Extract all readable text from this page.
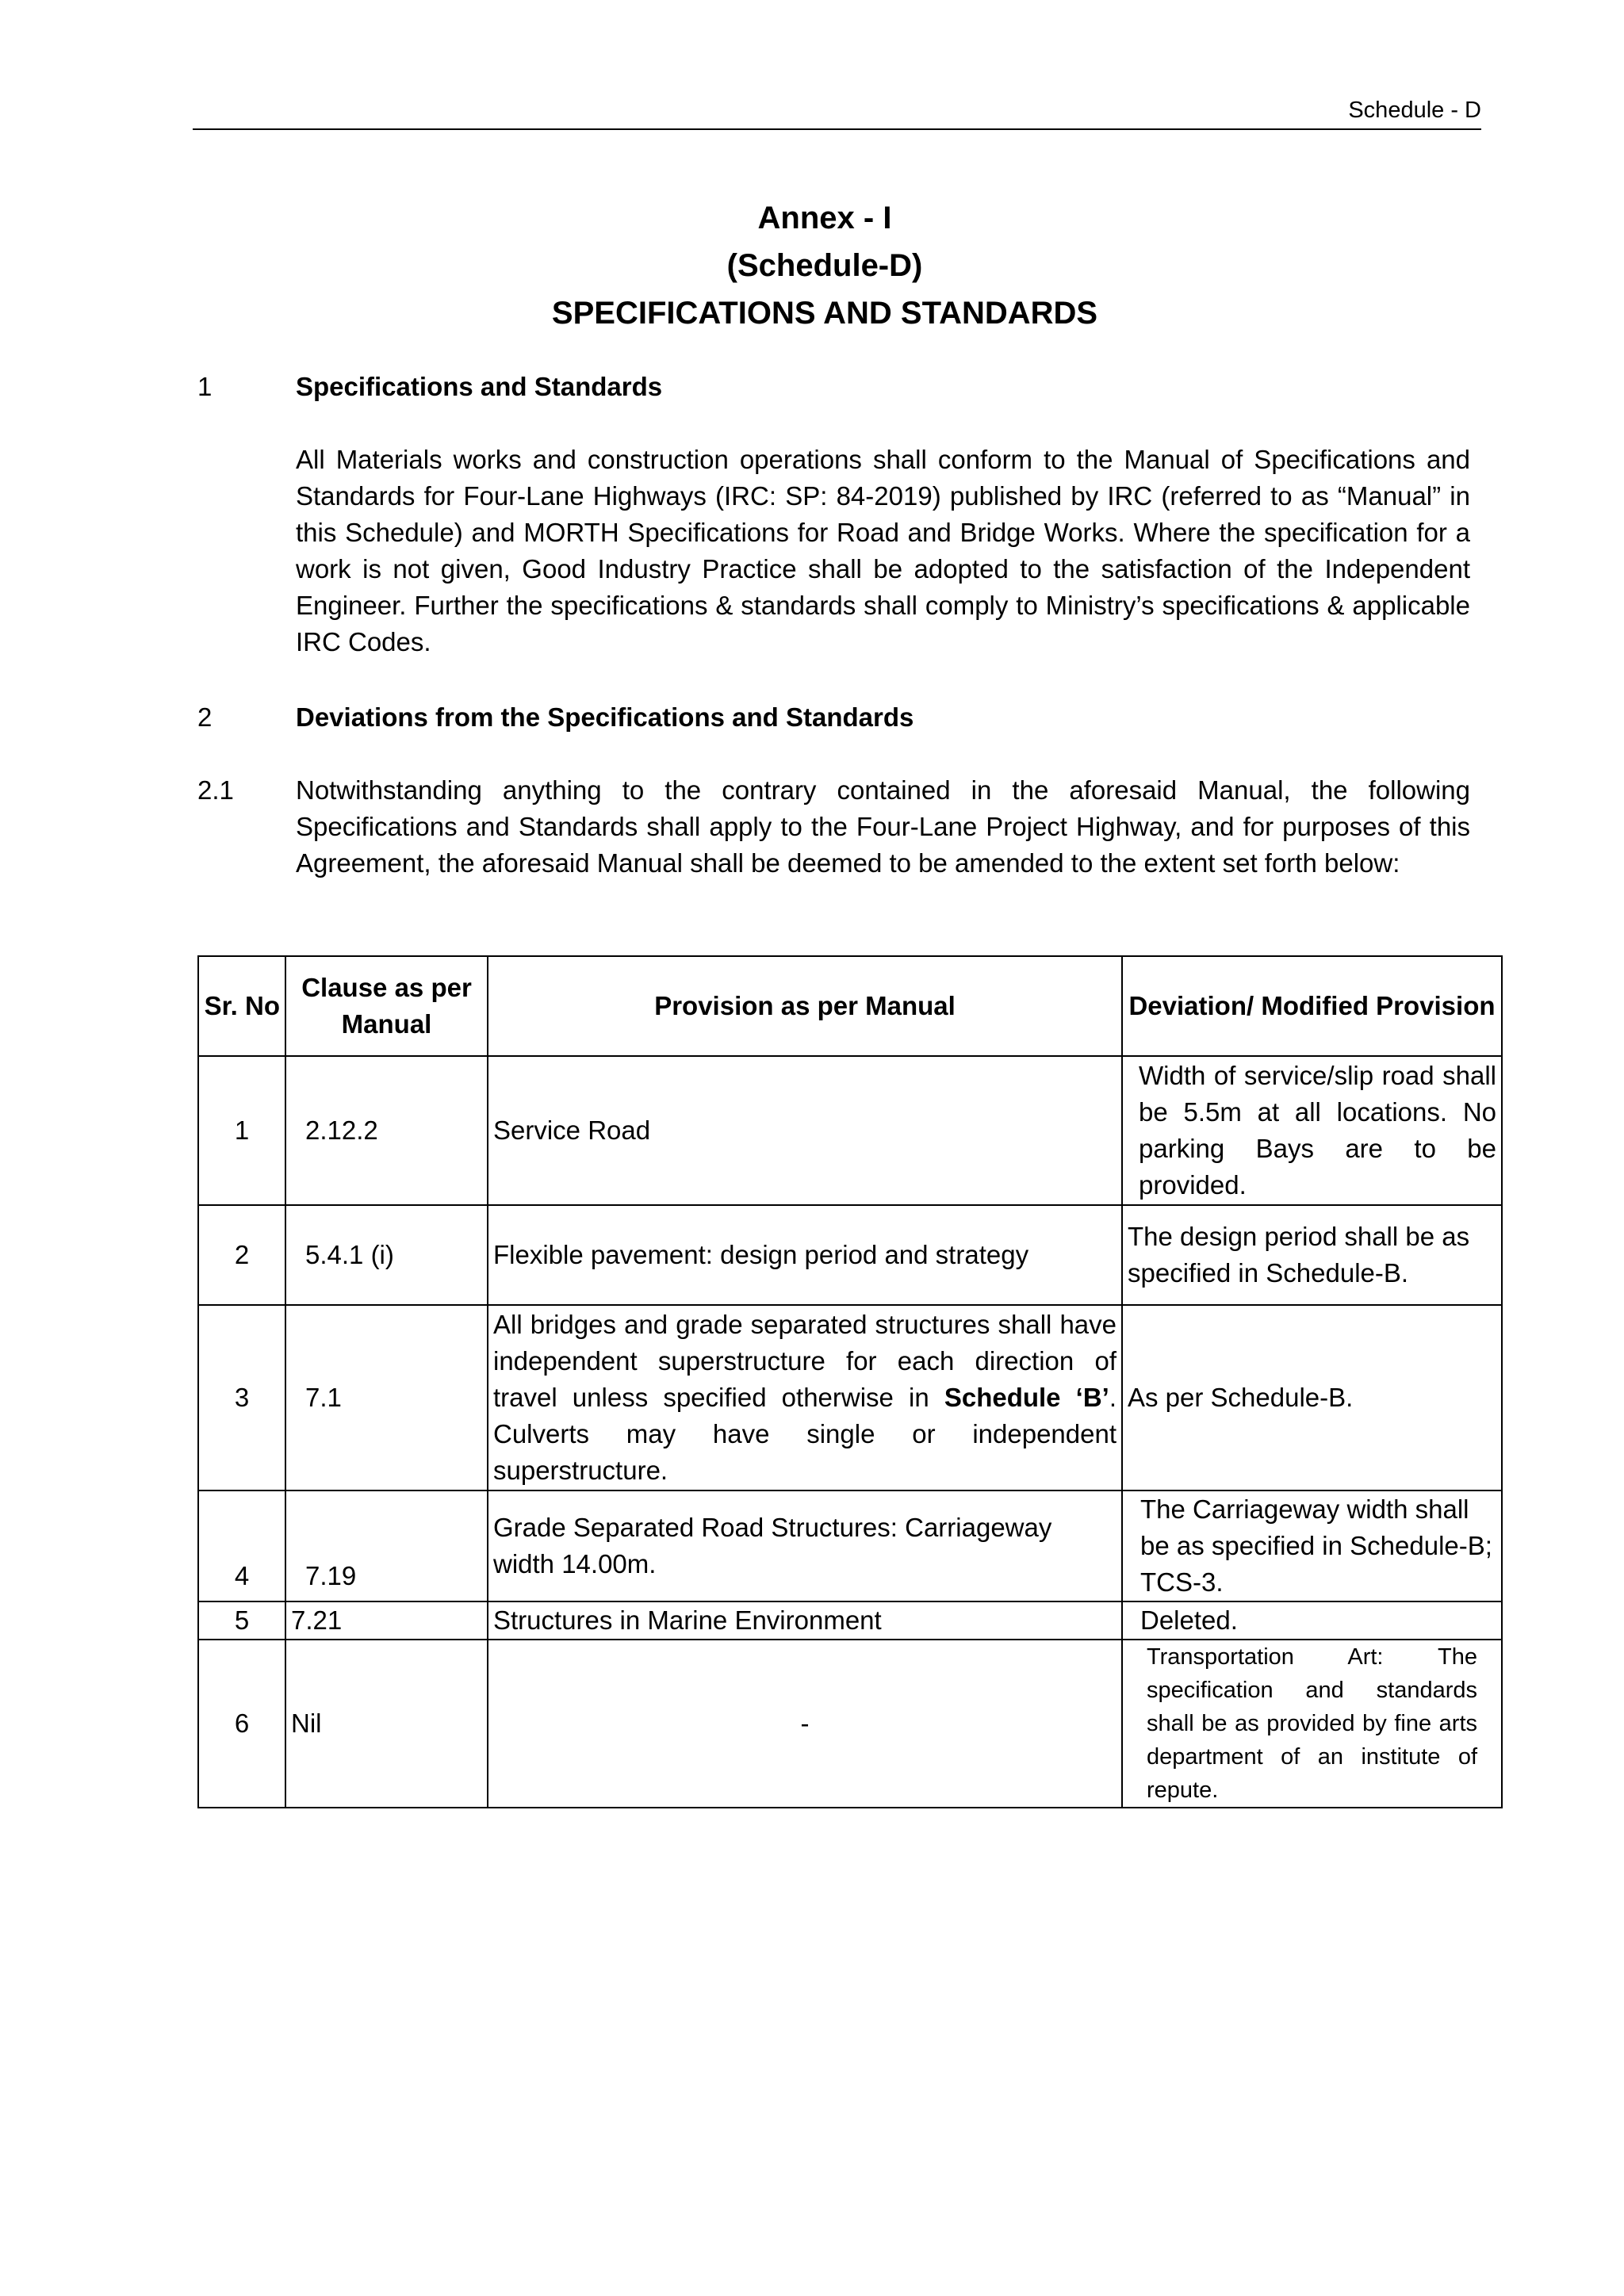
Schedule - D
Annex - I
(Schedule-D)
SPECIFICATIONS AND STANDARDS
1	Specifications and Standards
All Materials works and construction operations shall conform to the Manual of Specifications and Standards for Four-Lane Highways (IRC: SP: 84-2019) published by IRC (referred to as “Manual” in this Schedule) and MORTH Specifications for Road and Bridge Works. Where the specification for a work is not given, Good Industry Practice shall be adopted to the satisfaction of the Independent Engineer. Further the specifications & standards shall comply to Ministry’s specifications & applicable IRC Codes.
2	Deviations from the Specifications and Standards
2.1 Notwithstanding anything to the contrary contained in the aforesaid Manual, the following Specifications and Standards shall apply to the Four-Lane Project Highway, and for purposes of this Agreement, the aforesaid Manual shall be deemed to be amended to the extent set forth below:
Sr. No	Clause as per Manual	Provision as per Manual	Deviation/ Modified Provision
1	2.12.2	Service Road	Width of service/slip road shall be 5.5m at all locations. No parking Bays are to be provided.
2	5.4.1 (i)	Flexible pavement: design period and strategy	The design period shall be as specified in Schedule-B.
3	7.1	All bridges and grade separated structures shall have independent superstructure for each direction of travel unless specified otherwise in Schedule ‘B’. Culverts may have single or independent superstructure.	As per Schedule-B.
4	7.19	Grade Separated Road Structures: Carriageway width 14.00m.	The Carriageway width shall be as specified in Schedule-B; TCS-3.
5	7.21	Structures in Marine Environment	Deleted.
6	Nil	-	Transportation Art: The specification and standards shall be as provided by fine arts department of an institute of repute.
